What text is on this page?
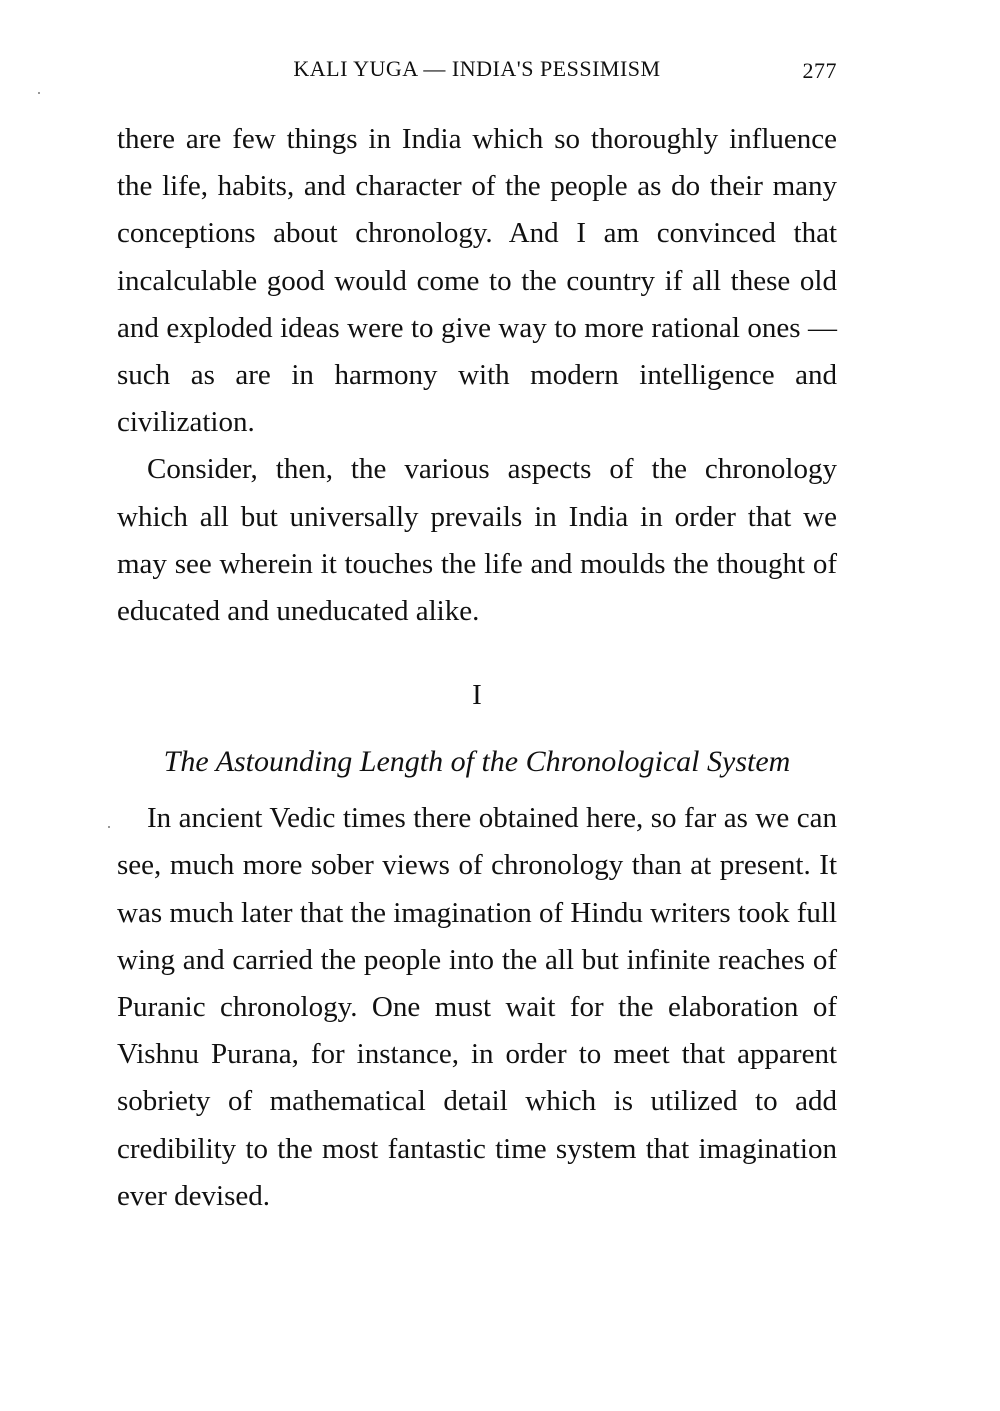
KALI YUGA — INDIA'S PESSIMISM	277

there are few things in India which so thoroughly influence the life, habits, and character of the people as do their many conceptions about chronology. And I am convinced that incalculable good would come to the country if all these old and exploded ideas were to give way to more rational ones — such as are in harmony with modern intelligence and civilization.

Consider, then, the various aspects of the chronology which all but universally prevails in India in order that we may see wherein it touches the life and moulds the thought of educated and uneducated alike.

I
The Astounding Length of the Chronological System

In ancient Vedic times there obtained here, so far as we can see, much more sober views of chronology than at present. It was much later that the imagination of Hindu writers took full wing and carried the people into the all but infinite reaches of Puranic chronology. One must wait for the elaboration of Vishnu Purana, for instance, in order to meet that apparent sobriety of mathematical detail which is utilized to add credibility to the most fantastic time system that imagination ever devised.
